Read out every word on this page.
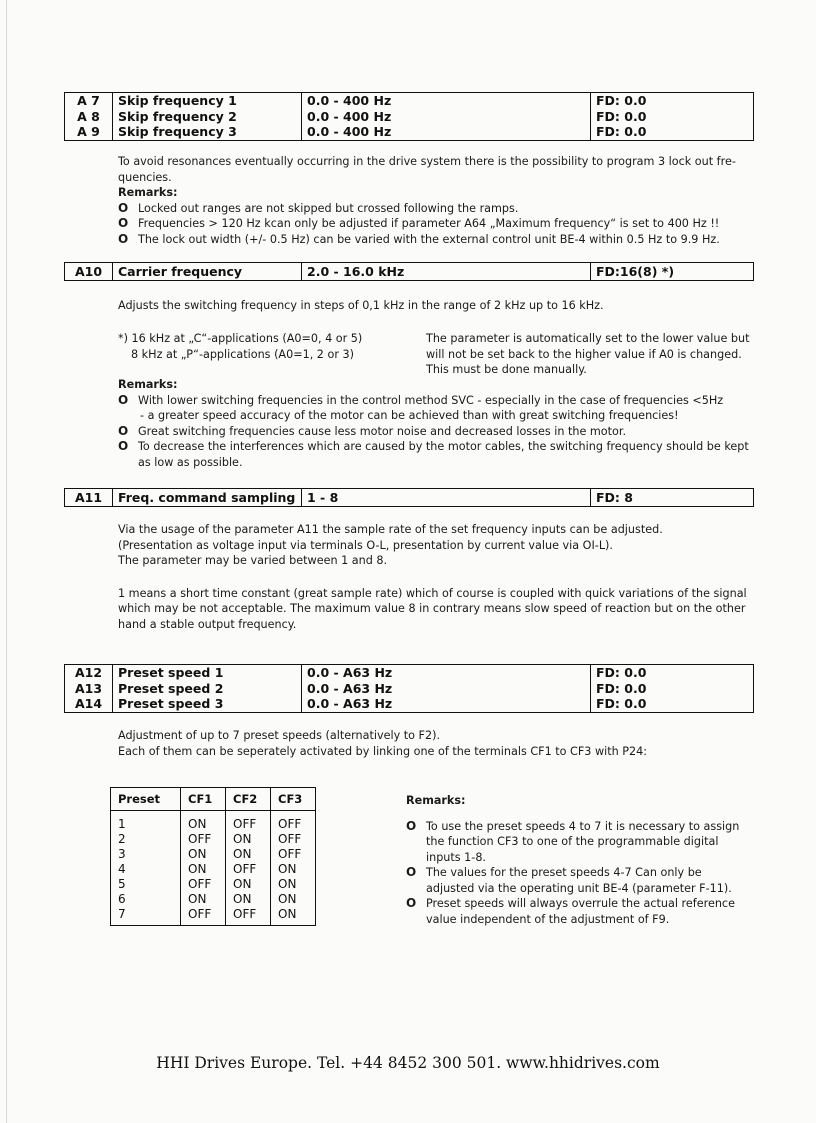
A 7	Skip frequency 1	0.0 - 400 Hz	FD: 0.0
A 8	Skip frequency 2	0.0 - 400 Hz	FD: 0.0
A 9	Skip frequency 3	0.0 - 400 Hz	FD: 0.0

To avoid resonances eventually occurring in the drive system there is the possibility to program 3 lock out fre-quencies.

Remarks:

O Locked out ranges are not skipped but crossed following the ramps.
O Frequencies > 120 Hz kcan only be adjusted if parameter A64 „Maximum frequency“ is set to 400 Hz !!
O The lock out width (+/- 0.5 Hz) can be varied with the external control unit BE-4 within 0.5 Hz to 9.9 Hz.
A10	Carrier frequency	2.0 - 16.0 kHz	FD:16(8) *)

Adjusts the switching frequency in steps of 0,1 kHz in the range of 2 kHz up to 16 kHz.

*) 16 kHz at „C“-applications (A0=0, 4 or 5)

8 kHz at „P“-applications (A0=1, 2 or 3)

The parameter is automatically set to the lower value but will not be set back to the higher value if A0 is changed. This must be done manually.

Remarks:

O With lower switching frequencies in the control method SVC - especially in the case of frequencies <5Hz

- a greater speed accuracy of the motor can be achieved than with great switching frequencies!

O Great switching frequencies cause less motor noise and decreased losses in the motor.
O To decrease the interferences which are caused by the motor cables, the switching frequency should be kept as low as possible.
A11	Freq. command sampling	1 - 8	FD: 8

Via the usage of the parameter A11 the sample rate of the set frequency inputs can be adjusted.

(Presentation as voltage input via terminals O-L, presentation by current value via OI-L).

The parameter may be varied between 1 and 8.

1 means a short time constant (great sample rate) which of course is coupled with quick variations of the signal which may be not acceptable. The maximum value 8 in contrary means slow speed of reaction but on the other hand a stable output frequency.

A12	Preset speed 1	0.0 - A63 Hz	FD: 0.0
A13	Preset speed 2	0.0 - A63 Hz	FD: 0.0
A14	Preset speed 3	0.0 - A63 Hz	FD: 0.0

Adjustment of up to 7 preset speeds (alternatively to F2).

Each of them can be seperately activated by linking one of the terminals CF1 to CF3 with P24:

Preset	CF1	CF2	CF3
1	ON	OFF	OFF
2	OFF	ON	OFF
3	ON	ON	OFF
4	ON	OFF	ON
5	OFF	ON	ON
6	ON	ON	ON
7	OFF	OFF	ON

Remarks:

O To use the preset speeds 4 to 7 it is necessary to assign the function CF3 to one of the programmable digital inputs 1-8.
O The values for the preset speeds 4-7 Can only be adjusted via the operating unit BE-4 (parameter F-11).
O Preset speeds will always overrule the actual reference value independent of the adjustment of F9.
HHI Drives Europe. Tel. +44 8452 300 501. www.hhidrives.com
